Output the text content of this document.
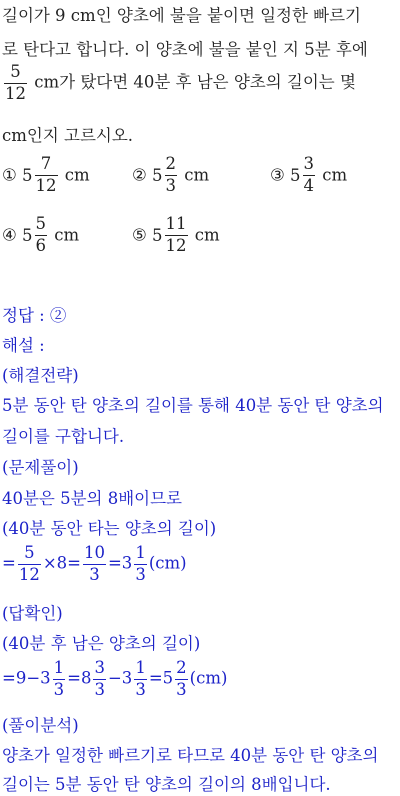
길이가 9 cm인 양초에 불을 붙이면 일정한 빠르기
로 탄다고 합니다. 이 양초에 불을 붙인 지 5분 후에
$\frac{5}{12}$ cm가 탔다면 40분 후 남은 양초의 길이는 몇
cm인지 고르시오.
① $5 \frac{7}{12}$ cm	② $5 \frac{2}{3}$ cm	③ $5 \frac{3}{4}$ cm
④ $5 \frac{5}{6}$ cm	⑤ $5 \frac{11}{12}$ cm
정답 : ②
해설 :
(해결전략)
5분 동안 탄 양초의 길이를 통해 40분 동안 탄 양초의
길이를 구합니다.
(문제풀이)
40분은 5분의 8배이므로
(40분 동안 타는 양초의 길이)
= $\frac{5}{12} \times 8= \frac{10}{3} =3 \frac{1}{3} (cm)$
(답확인)
(40분 후 남은 양초의 길이)
$=9-3 \frac{1}{3} =8 \frac{3}{3} -3 \frac{1}{3} =5 \frac{2}{3} (cm)$
(풀이분석)
양초가 일정한 빠르기로 타므로 40분 동안 탄 양초의
길이는 5분 동안 탄 양초의 길이의 8배입니다.
